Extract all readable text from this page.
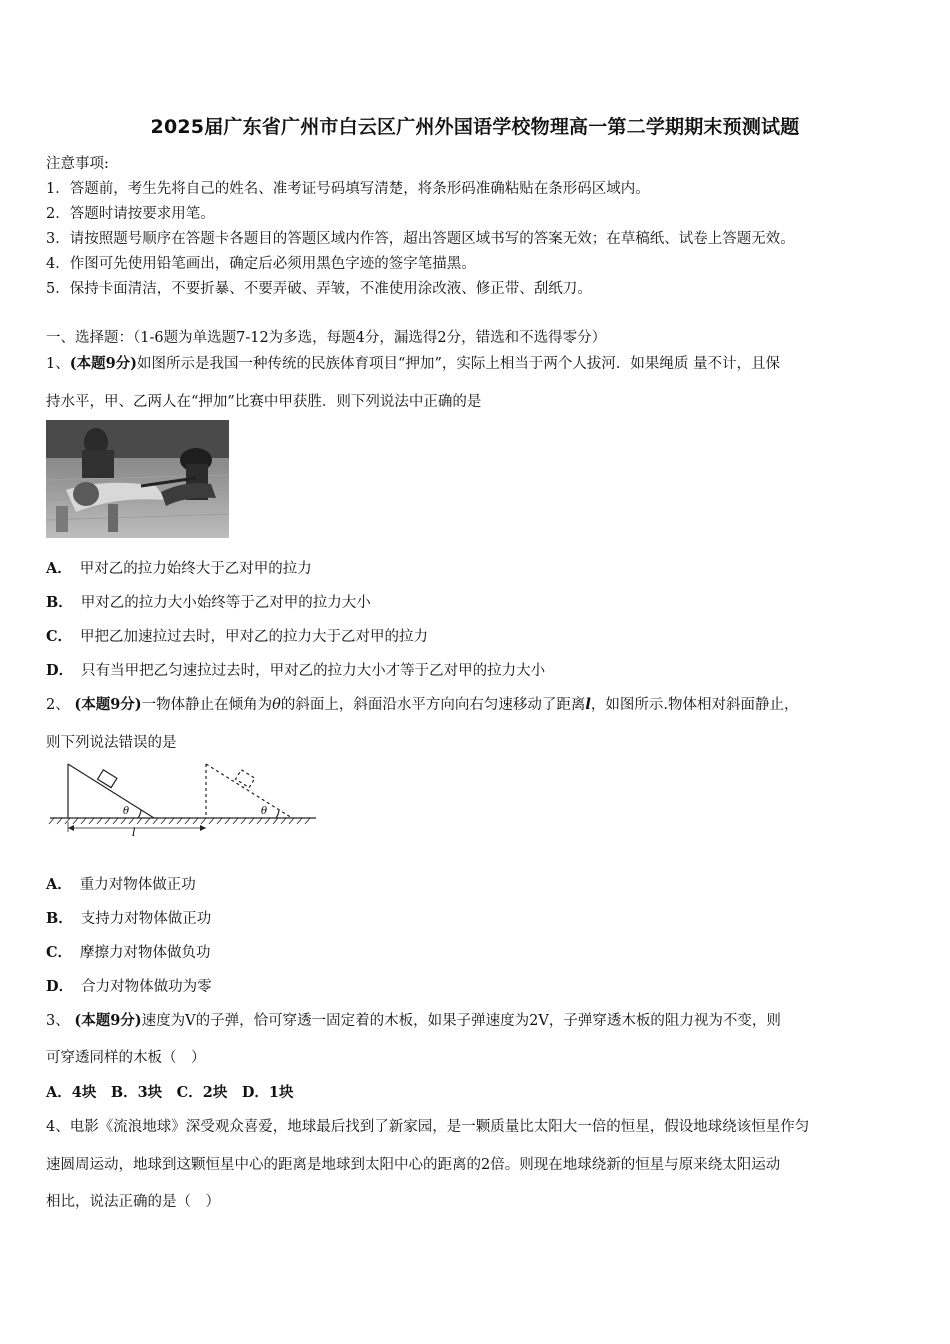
2025届广东省广州市白云区广州外国语学校物理高一第二学期期末预测试题
注意事项:
1．答题前，考生先将自己的姓名、准考证号码填写清楚，将条形码准确粘贴在条形码区域内。
2．答题时请按要求用笔。
3．请按照题号顺序在答题卡各题目的答题区域内作答，超出答题区域书写的答案无效；在草稿纸、试卷上答题无效。
4．作图可先使用铅笔画出，确定后必须用黑色字迹的签字笔描黑。
5．保持卡面清洁，不要折暴、不要弄破、弄皱，不准使用涂改液、修正带、刮纸刀。
一、选择题：（1-6题为单选题7-12为多选，每题4分，漏选得2分，错选和不选得零分）
1、(本题9分)如图所示是我国一种传统的民族体育项目“押加”，实际上相当于两个人拔河．如果绳质 量不计，且保
持水平，甲、乙两人在“押加”比赛中甲获胜．则下列说法中正确的是
A． 甲对乙的拉力始终大于乙对甲的拉力
B． 甲对乙的拉力大小始终等于乙对甲的拉力大小
C． 甲把乙加速拉过去时，甲对乙的拉力大于乙对甲的拉力
D． 只有当甲把乙匀速拉过去时，甲对乙的拉力大小才等于乙对甲的拉力大小
2、 (本题9分)一物体静止在倾角为θ的斜面上，斜面沿水平方向向右匀速移动了距离l，如图所示.物体相对斜面静止，
则下列说法错误的是
θ	θ
l
A． 重力对物体做正功
B． 支持力对物体做正功
C． 摩擦力对物体做负功
D． 合力对物体做功为零
3、 (本题9分)速度为V的子弹，恰可穿透一固定着的木板，如果子弹速度为2V，子弹穿透木板的阻力视为不变，则
可穿透同样的木板（　）
A．4块　B．3块　C．2块　D．1块
4、电影《流浪地球》深受观众喜爱，地球最后找到了新家园，是一颗质量比太阳大一倍的恒星，假设地球绕该恒星作匀
速圆周运动，地球到这颗恒星中心的距离是地球到太阳中心的距离的2倍。则现在地球绕新的恒星与原来绕太阳运动
相比，说法正确的是（　）
